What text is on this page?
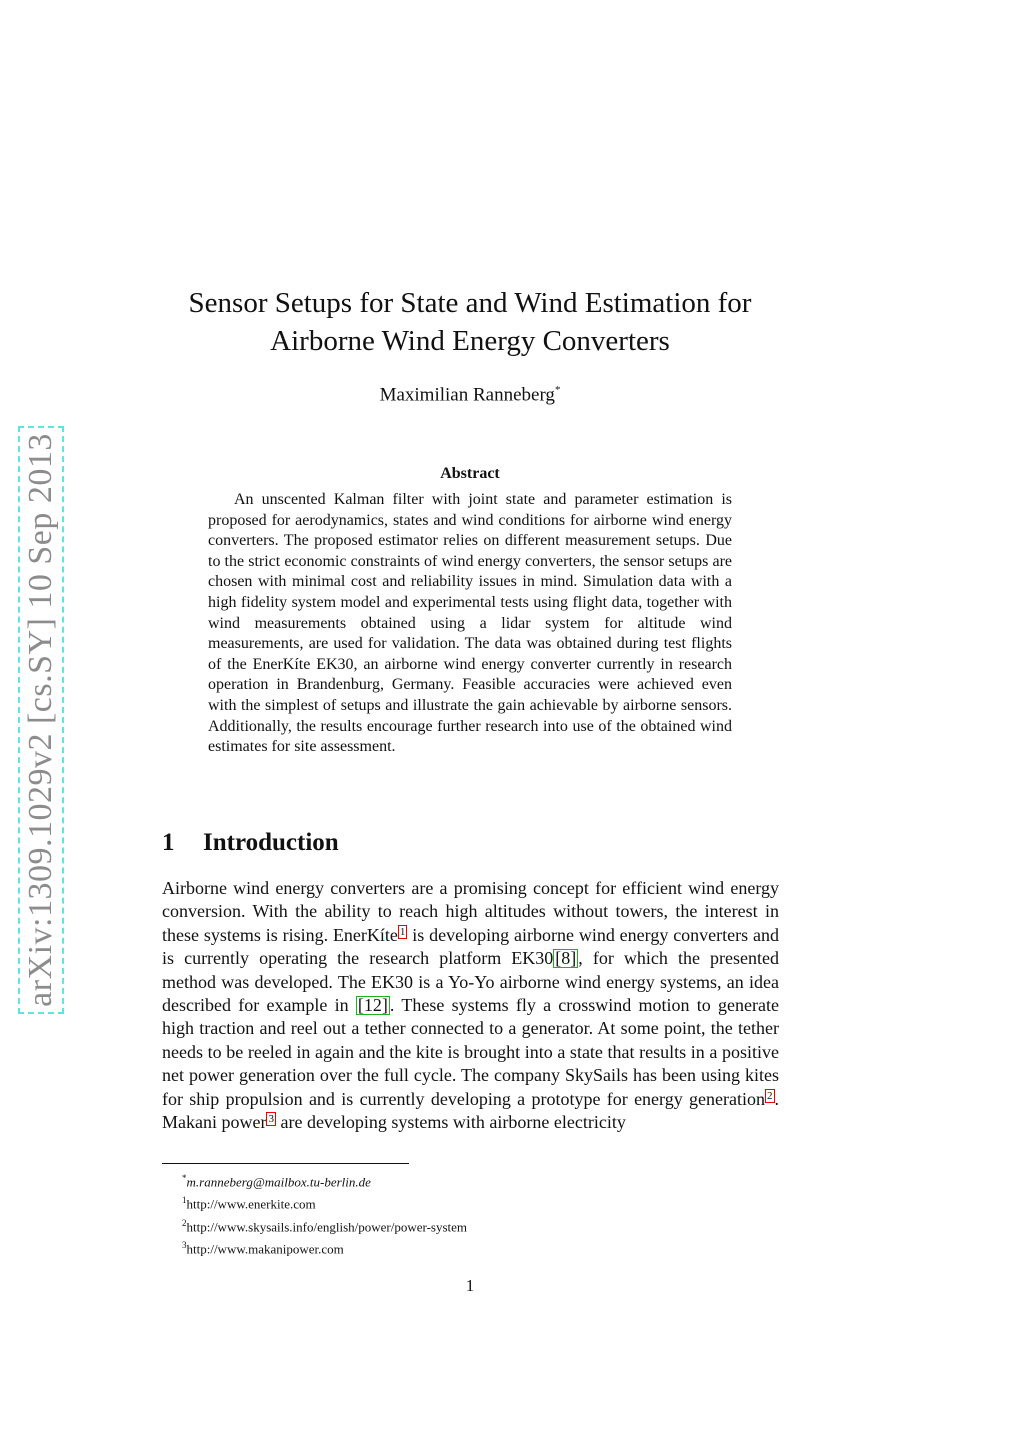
arXiv:1309.1029v2 [cs.SY] 10 Sep 2013
Sensor Setups for State and Wind Estimation for
Airborne Wind Energy Converters
Maximilian Ranneberg*
Abstract

An unscented Kalman filter with joint state and parameter estimation is proposed for aerodynamics, states and wind conditions for airborne wind energy converters. The proposed estimator relies on different measurement setups. Due to the strict economic constraints of wind energy converters, the sensor setups are chosen with minimal cost and reliability issues in mind. Simulation data with a high fidelity system model and experimental tests using flight data, together with wind measurements obtained using a lidar system for altitude wind measurements, are used for validation. The data was obtained during test flights of the EnerKíte EK30, an airborne wind energy converter currently in research operation in Brandenburg, Germany. Feasible accuracies were achieved even with the simplest of setups and illustrate the gain achievable by airborne sensors. Additionally, the results encourage further research into use of the obtained wind estimates for site assessment.

1 Introduction

Airborne wind energy converters are a promising concept for efficient wind energy conversion. With the ability to reach high altitudes without towers, the interest in these systems is rising. EnerKíte 1 is developing airborne wind energy converters and is currently operating the research platform EK30 [8] , for which the presented method was developed. The EK30 is a Yo-Yo airborne wind energy systems, an idea described for example in [12] . These systems fly a crosswind motion to generate high traction and reel out a tether connected to a generator. At some point, the tether needs to be reeled in again and the kite is brought into a state that results in a positive net power generation over the full cycle. The company SkySails has been using kites for ship propulsion and is currently developing a prototype for energy generation 2 . Makani power 3 are developing systems with airborne electricity

*m.ranneberg@mailbox.tu-berlin.de
$^1$http://www.enerkite.com
$^2$http://www.skysails.info/english/power/power-system
$^3$http://www.makanipower.com
1
